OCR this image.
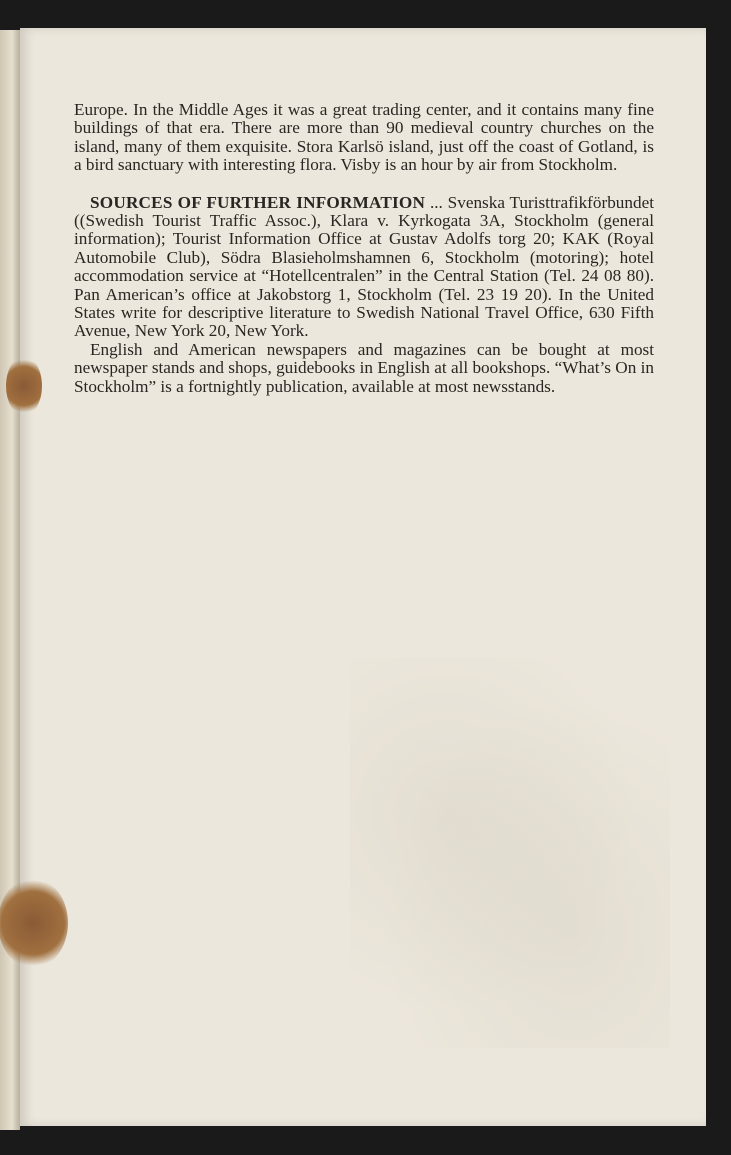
Europe. In the Middle Ages it was a great trading center, and it contains many fine buildings of that era. There are more than 90 medieval country churches on the island, many of them exquisite. Stora Karlsö island, just off the coast of Gotland, is a bird sanctuary with interesting flora. Visby is an hour by air from Stockholm.

SOURCES OF FURTHER INFORMATION ... Svenska Turisttrafikförbundet ((Swedish Tourist Traffic Assoc.), Klara v. Kyrkogata 3A, Stockholm (general information); Tourist Information Office at Gustav Adolfs torg 20; KAK (Royal Automobile Club), Södra Blasieholmshamnen 6, Stockholm (motoring); hotel accommodation service at “Hotellcentralen” in the Central Station (Tel. 24 08 80). Pan American’s office at Jakobstorg 1, Stockholm (Tel. 23 19 20). In the United States write for descriptive literature to Swedish National Travel Office, 630 Fifth Avenue, New York 20, New York.

English and American newspapers and magazines can be bought at most newspaper stands and shops, guidebooks in English at all bookshops. “What’s On in Stockholm” is a fortnightly publication, available at most newsstands.
